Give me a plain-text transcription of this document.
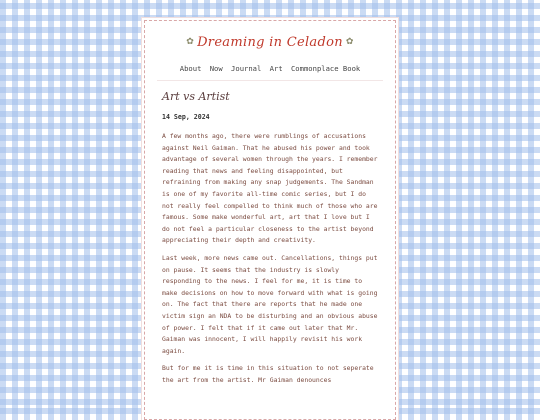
✿ Dreaming in Celadon ✿
About Now Journal Art Commonplace Book
Art vs Artist
14 Sep, 2024

A few months ago, there were rumblings of accusations against Neil Gaiman. That he abused his power and took advantage of several women through the years. I remember reading that news and feeling disappointed, but refraining from making any snap judgements. The Sandman is one of my favorite all-time comic series, but I do not really feel compelled to think much of those who are famous. Some make wonderful art, art that I love but I do not feel a particular closeness to the artist beyond appreciating their depth and creativity.

Last week, more news came out. Cancellations, things put on pause. It seems that the industry is slowly responding to the news. I feel for me, it is time to make decisions on how to move forward with what is going on. The fact that there are reports that he made one victim sign an NDA to be disturbing and an obvious abuse of power. I felt that if it came out later that Mr. Gaiman was innocent, I will happily revisit his work again.

But for me it is time in this situation to not seperate the art from the artist. Mr Gaiman denounces
